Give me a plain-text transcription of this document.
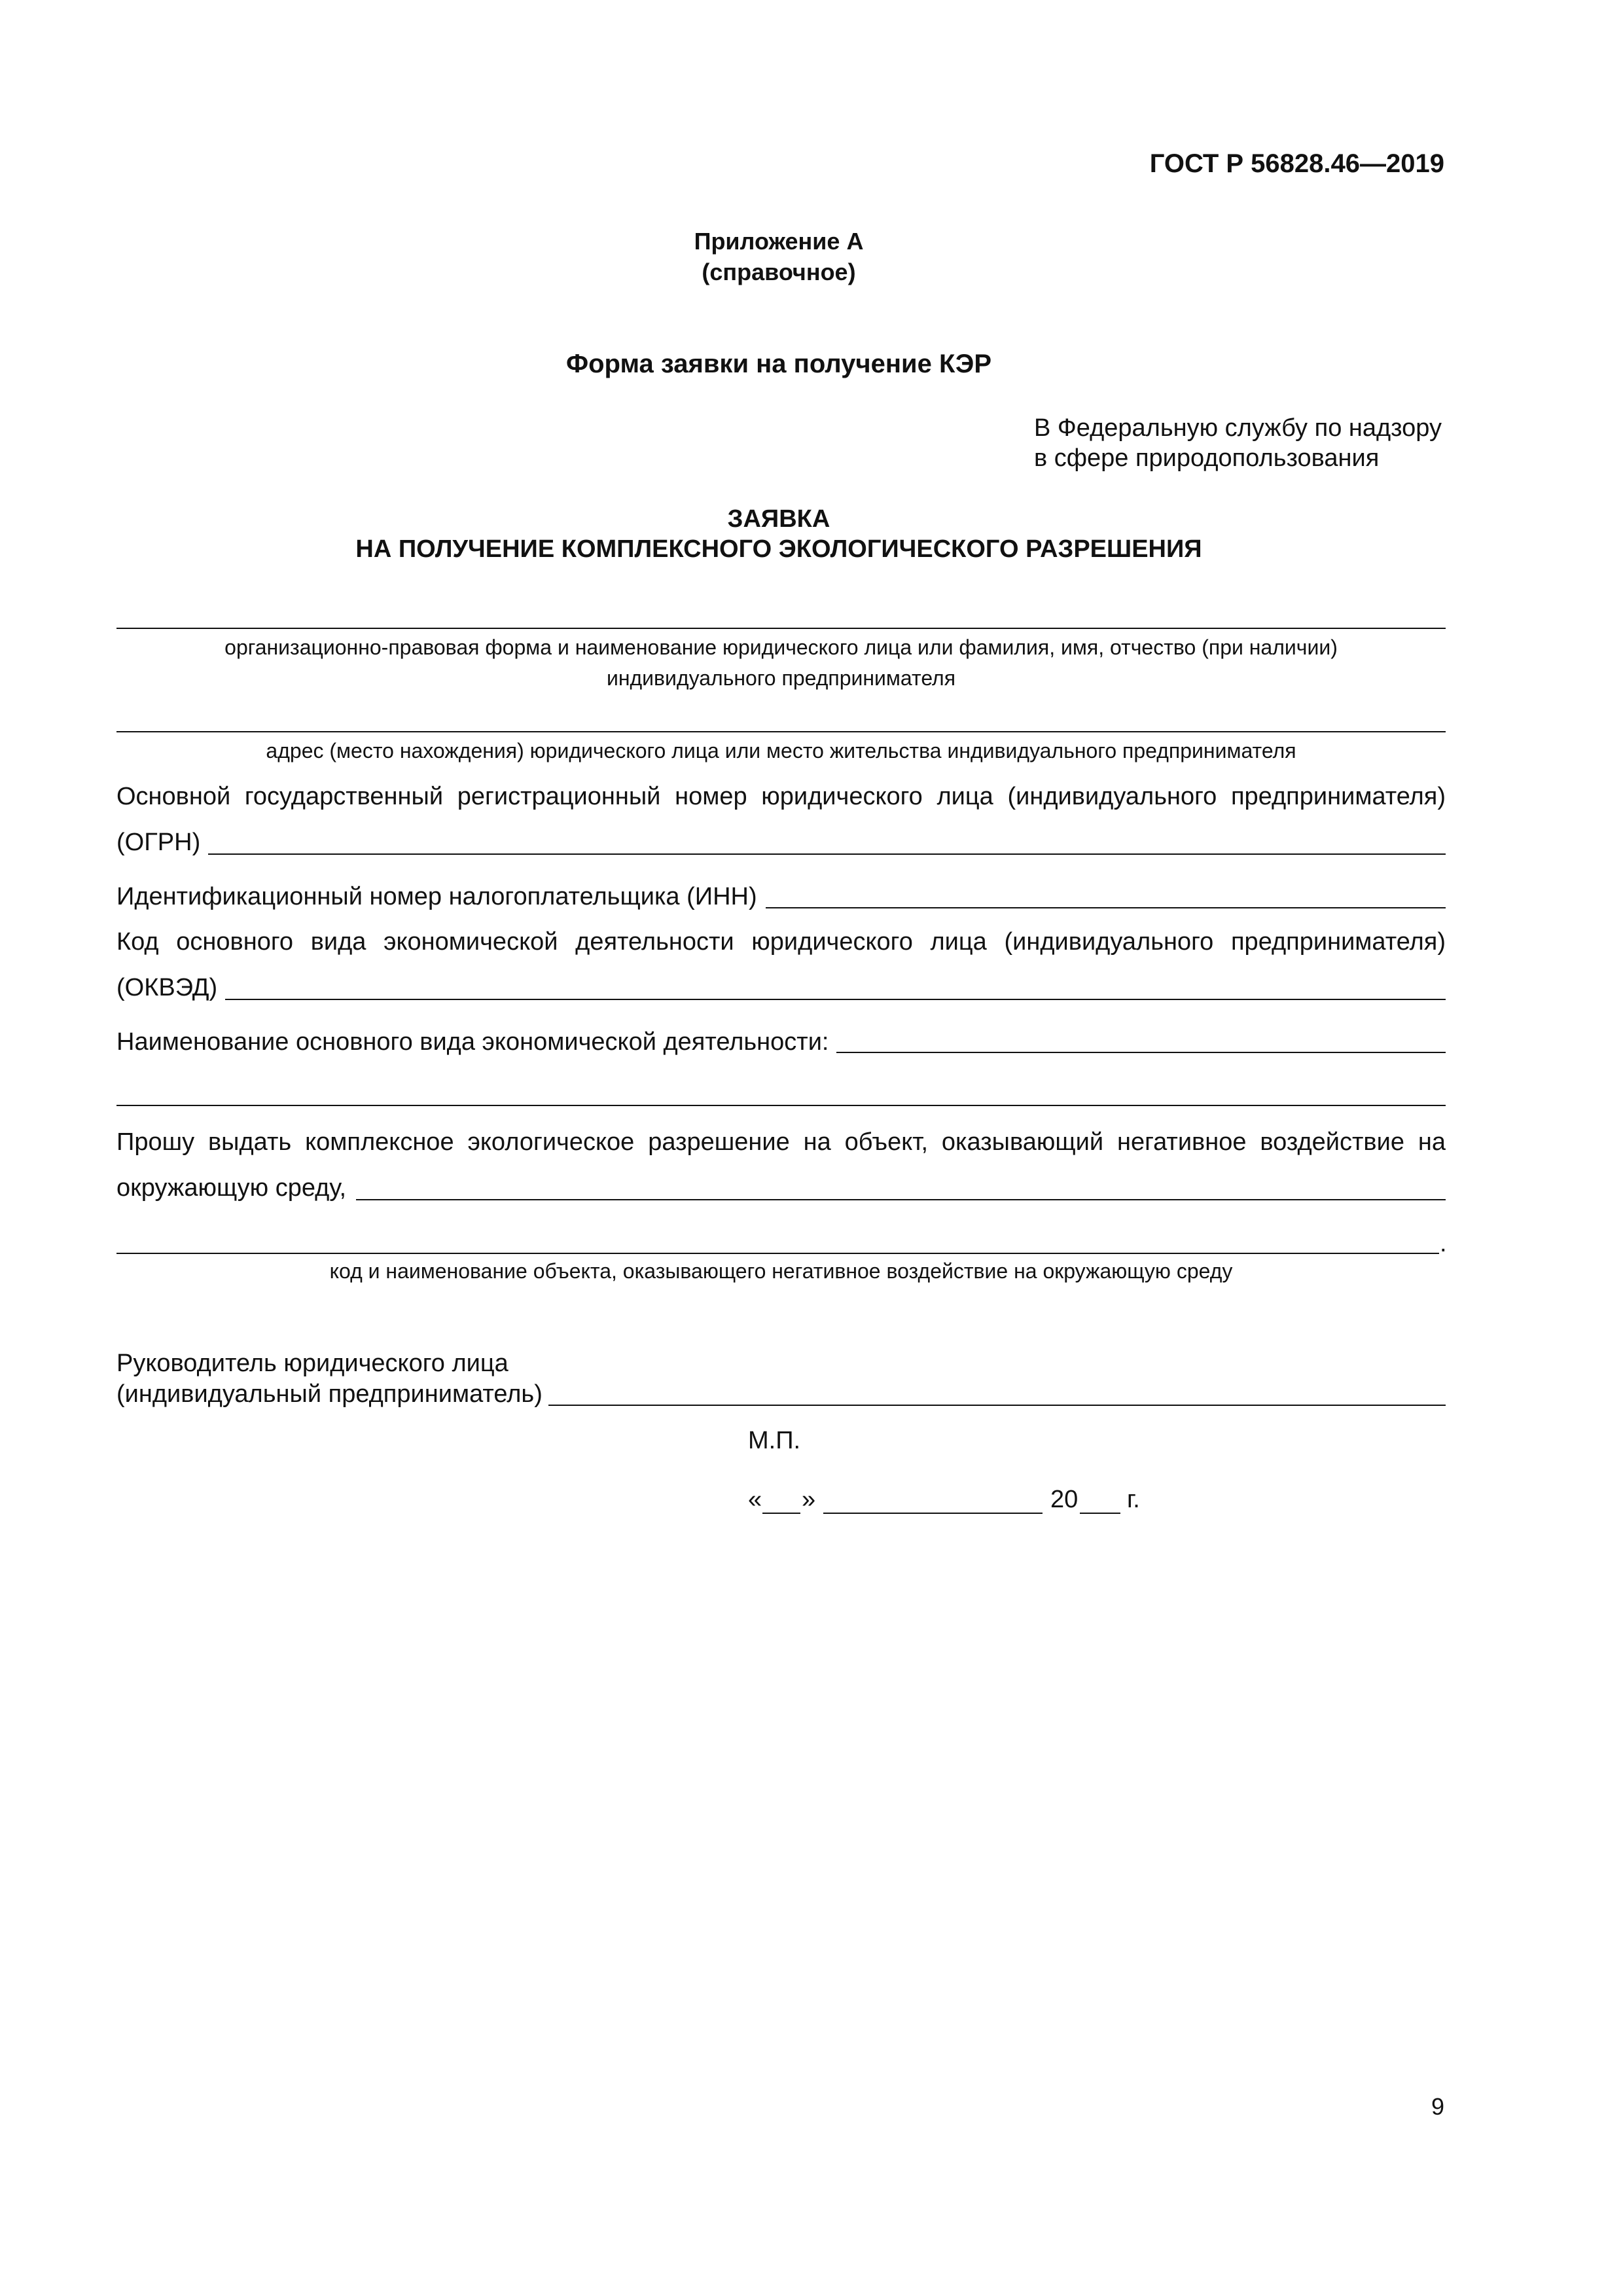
ГОСТ Р 56828.46—2019
Приложение А
(справочное)
Форма заявки на получение КЭР
В Федеральную службу по надзору
в сфере природопользования
ЗАЯВКА
НА ПОЛУЧЕНИЕ КОМПЛЕКСНОГО ЭКОЛОГИЧЕСКОГО РАЗРЕШЕНИЯ
организационно-правовая форма и наименование юридического лица или фамилия, имя, отчество (при наличии)
индивидуального предпринимателя
адрес (место нахождения) юридического лица или место жительства индивидуального предпринимателя
Основной государственный регистрационный номер юридического лица (индивидуального предпринимателя)
(ОГРН)
Идентификационный номер налогоплательщика (ИНН)
Код основного вида экономической деятельности юридического лица (индивидуального предпринимателя)
(ОКВЭД)
Наименование основного вида экономической деятельности:
Прошу выдать комплексное экологическое разрешение на объект, оказывающий негативное воздействие на
окружающую среду,
.
код и наименование объекта, оказывающего негативное воздействие на окружающую среду
Руководитель юридического лица
(индивидуальный предприниматель)
М.П.
« »	20 г.
9
